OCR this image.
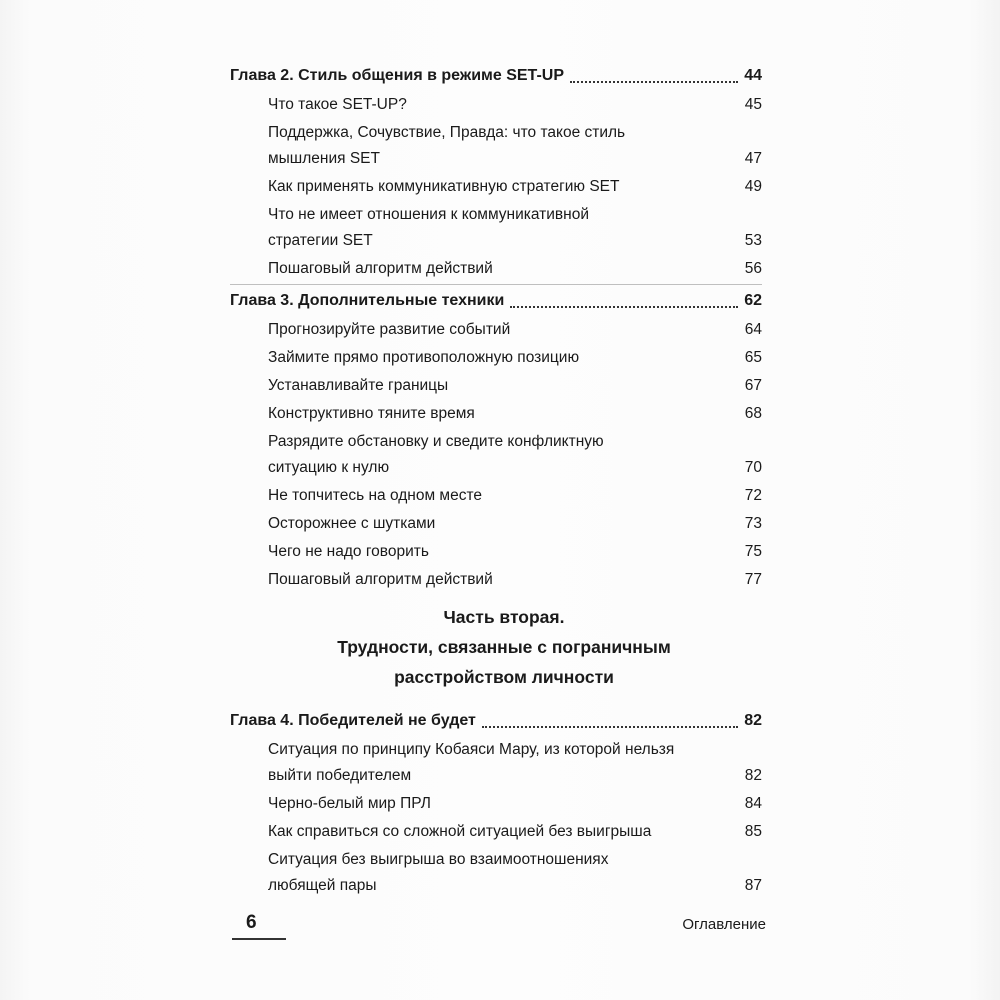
Глава 2. Стиль общения в режиме SET-UP	44
Что такое SET-UP?	45
Поддержка, Сочувствие, Правда: что такое стиль
мышления SET	47
Как применять коммуникативную стратегию SET	49
Что не имеет отношения к коммуникативной
стратегии SET	53
Пошаговый алгоритм действий	56
Глава 3. Дополнительные техники	62
Прогнозируйте развитие событий	64
Займите прямо противоположную позицию	65
Устанавливайте границы	67
Конструктивно тяните время	68
Разрядите обстановку и сведите конфликтную
ситуацию к нулю	70
Не топчитесь на одном месте	72
Осторожнее с шутками	73
Чего не надо говорить	75
Пошаговый алгоритм действий	77
Часть вторая.
Трудности, связанные с пограничным
расстройством личности
Глава 4. Победителей не будет	82
Ситуация по принципу Кобаяси Мару, из которой нельзя
выйти победителем	82
Черно-белый мир ПРЛ	84
Как справиться со сложной ситуацией без выигрыша	85
Ситуация без выигрыша во взаимоотношениях
любящей пары	87
6	Оглавление
